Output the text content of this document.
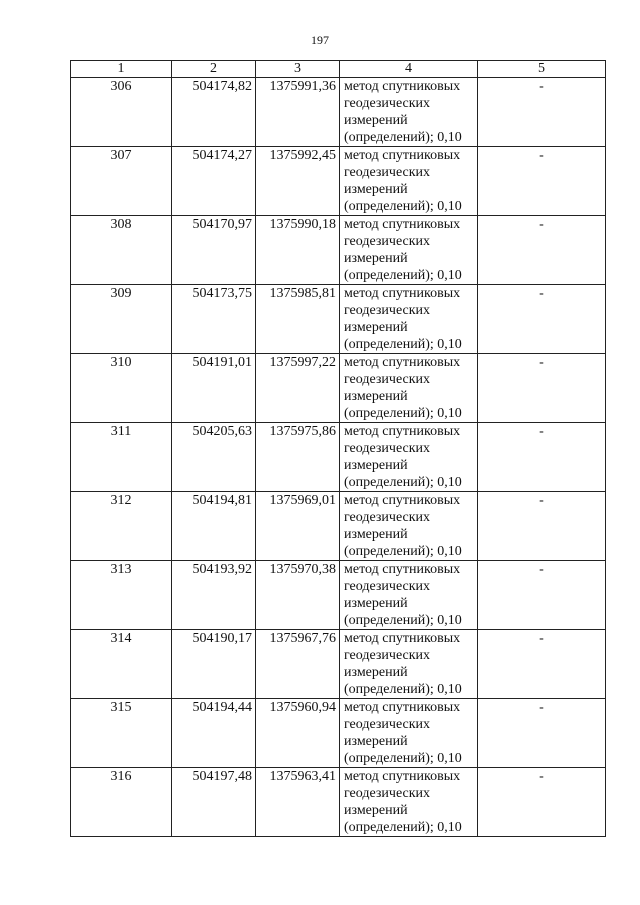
197
1	2	3	4	5
306	504174,82	1375991,36	метод спутниковых геодезических измерений (определений); 0,10	-
307	504174,27	1375992,45	метод спутниковых геодезических измерений (определений); 0,10	-
308	504170,97	1375990,18	метод спутниковых геодезических измерений (определений); 0,10	-
309	504173,75	1375985,81	метод спутниковых геодезических измерений (определений); 0,10	-
310	504191,01	1375997,22	метод спутниковых геодезических измерений (определений); 0,10	-
311	504205,63	1375975,86	метод спутниковых геодезических измерений (определений); 0,10	-
312	504194,81	1375969,01	метод спутниковых геодезических измерений (определений); 0,10	-
313	504193,92	1375970,38	метод спутниковых геодезических измерений (определений); 0,10	-
314	504190,17	1375967,76	метод спутниковых геодезических измерений (определений); 0,10	-
315	504194,44	1375960,94	метод спутниковых геодезических измерений (определений); 0,10	-
316	504197,48	1375963,41	метод спутниковых геодезических измерений (определений); 0,10	-
